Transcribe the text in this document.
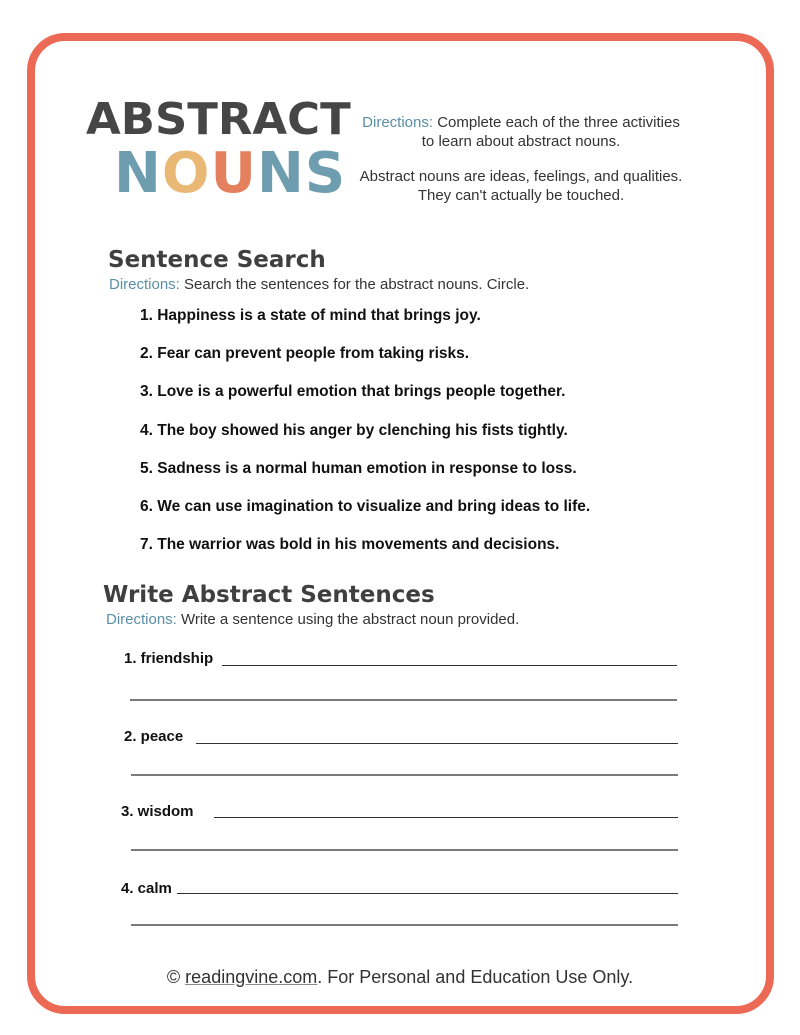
ABSTRACT
NOUNS

Directions: Complete each of the three activities to learn about abstract nouns.

Abstract nouns are ideas, feelings, and qualities. They can't actually be touched.

Sentence Search
Directions: Search the sentences for the abstract nouns. Circle.
1. Happiness is a state of mind that brings joy.
2. Fear can prevent people from taking risks.
3. Love is a powerful emotion that brings people together.
4. The boy showed his anger by clenching his fists tightly.
5. Sadness is a normal human emotion in response to loss.
6. We can use imagination to visualize and bring ideas to life.
7. The warrior was bold in his movements and decisions.
Write Abstract Sentences
Directions: Write a sentence using the abstract noun provided.
1. friendship
2. peace
3. wisdom
4. calm
© readingvine.com. For Personal and Education Use Only.
